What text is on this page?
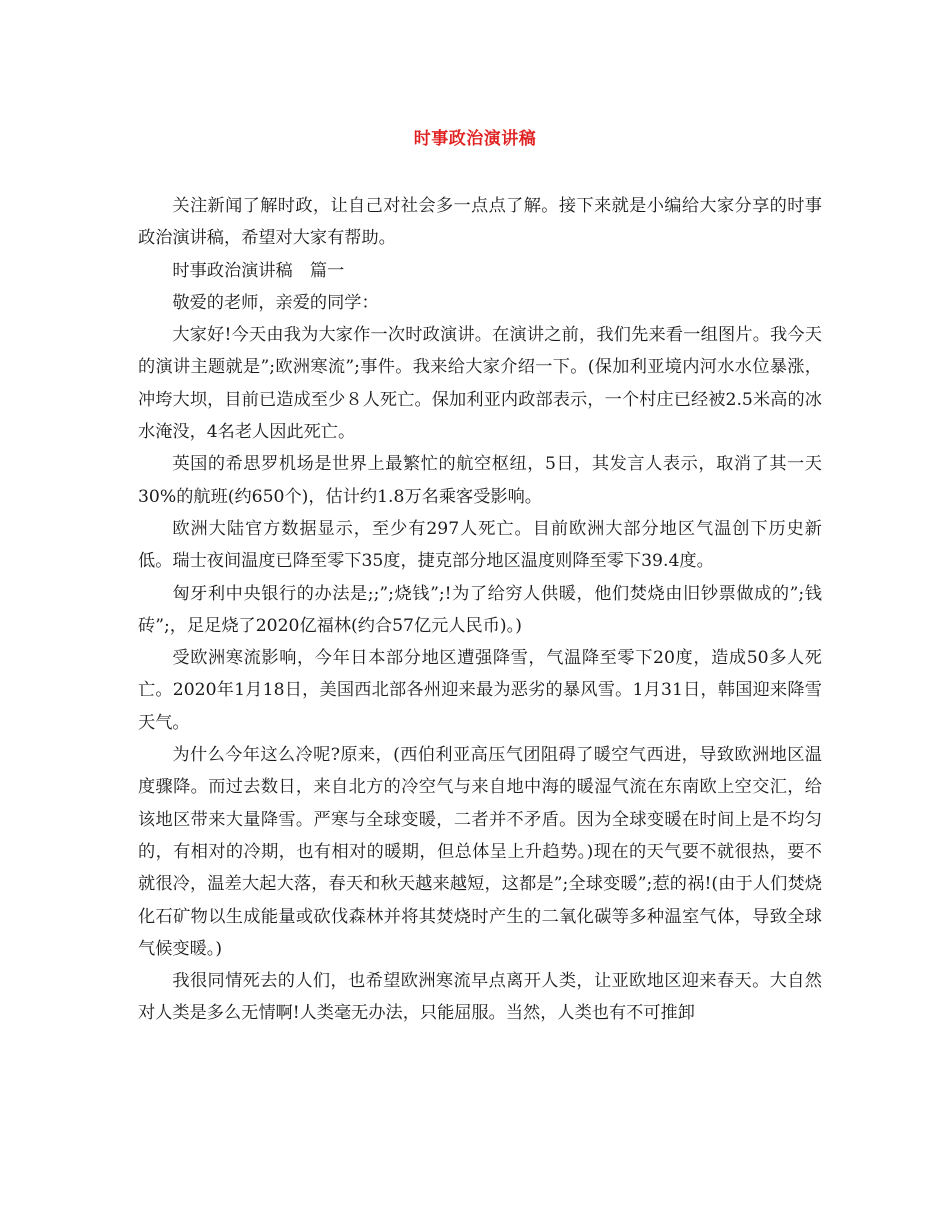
时事政治演讲稿

关注新闻了解时政，让自己对社会多一点点了解。接下来就是小编给大家分享的时事政治演讲稿，希望对大家有帮助。

时事政治演讲稿　篇一

敬爱的老师，亲爱的同学：

大家好!今天由我为大家作一次时政演讲。在演讲之前，我们先来看一组图片。我今天的演讲主题就是”;欧洲寒流”;事件。我来给大家介绍一下。(保加利亚境内河水水位暴涨，冲垮大坝，目前已造成至少８人死亡。保加利亚内政部表示，一个村庄已经被2.5米高的冰水淹没，4名老人因此死亡。

英国的希思罗机场是世界上最繁忙的航空枢纽，5日，其发言人表示，取消了其一天30%的航班(约650个)，估计约1.8万名乘客受影响。

欧洲大陆官方数据显示，至少有297人死亡。目前欧洲大部分地区气温创下历史新低。瑞士夜间温度已降至零下35度，捷克部分地区温度则降至零下39.4度。

匈牙利中央银行的办法是;;”;烧钱”;!为了给穷人供暖，他们焚烧由旧钞票做成的”;钱砖”;，足足烧了2020亿福林(约合57亿元人民币)。)

受欧洲寒流影响，今年日本部分地区遭强降雪，气温降至零下20度，造成50多人死亡。2020年1月18日，美国西北部各州迎来最为恶劣的暴风雪。1月31日，韩国迎来降雪天气。

为什么今年这么冷呢?原来，(西伯利亚高压气团阻碍了暖空气西进，导致欧洲地区温度骤降。而过去数日，来自北方的冷空气与来自地中海的暖湿气流在东南欧上空交汇，给该地区带来大量降雪。严寒与全球变暖，二者并不矛盾。因为全球变暖在时间上是不均匀的，有相对的冷期，也有相对的暖期，但总体呈上升趋势。)现在的天气要不就很热，要不就很冷，温差大起大落，春天和秋天越来越短，这都是”;全球变暖”;惹的祸!(由于人们焚烧化石矿物以生成能量或砍伐森林并将其焚烧时产生的二氧化碳等多种温室气体，导致全球气候变暖。)

我很同情死去的人们，也希望欧洲寒流早点离开人类，让亚欧地区迎来春天。大自然对人类是多么无情啊!人类毫无办法，只能屈服。当然，人类也有不可推卸
